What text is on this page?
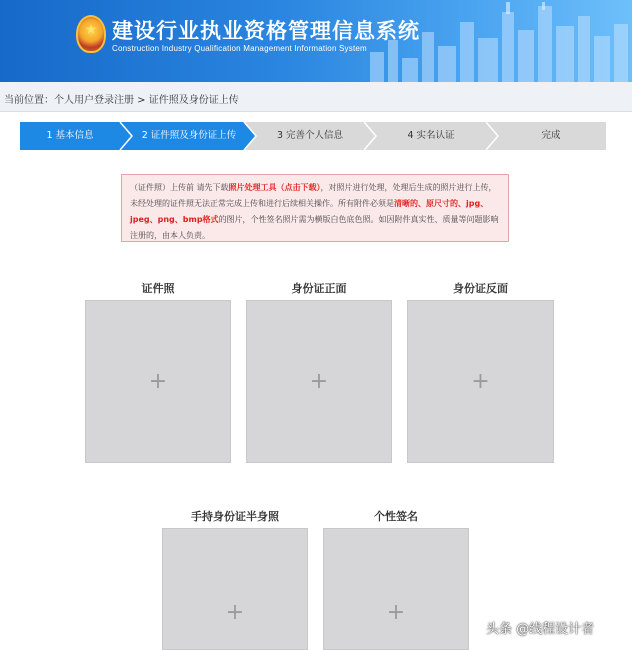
★ 建设行业执业资格管理信息系统
Construction Industry Qualification Management Information System
当前位置：个人用户登录注册 > 证件照及身份证上传
1 基本信息	2 证件照及身份证上传	3 完善个人信息	4 实名认证	完成
（证件照）上传前 请先下载照片处理工具（点击下载），对照片进行处理，处理后生成的照片进行上传，未经处理的证件照无法正常完成上传和进行后续相关操作。所有附件必须是清晰的、原尺寸的、jpg、jpeg、png、bmp格式的图片，个性签名照片需为横版白色底色照。如因附件真实性、质量等问题影响注册的，由本人负责。
证件照
+
身份证正面
+
身份证反面
+
手持身份证半身照
+
个性签名
+
头条 @线程设计者
